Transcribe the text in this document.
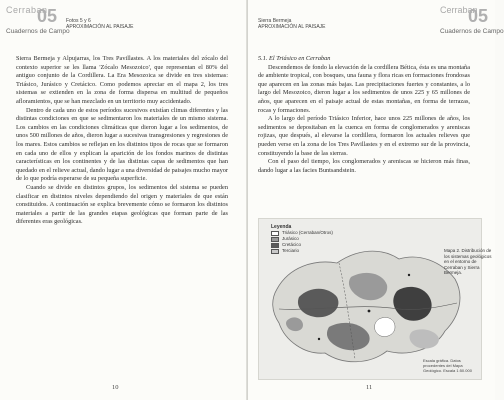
Cerraban
05
Cuadernos de Campo
Fotos 5 y 6
APROXIMACIÓN AL PAISAJE

Sierra Bermeja y Alpujarras, los Tres Pavillastes. A los materiales del zócalo del contexto superior se les llama 'Zócalo Mesozoico', que representan el 80% del antiguo conjunto de la Cordillera. La Era Mesozoica se divide en tres sistemas: Triásico, Jurásico y Cretácico. Como podemos apreciar en el mapa 2, los tres sistemas se extienden en la zona de forma dispersa en multitud de pequeños afloramientos, que se han mezclado en un territorio muy accidentado.

Dentro de cada uno de estos períodos sucesivos existían climas diferentes y las distintas condiciones en que se sedimentaron los materiales de un mismo sistema. Los cambios en las condiciones climáticas que dieron lugar a los sedimentos, de unos 500 millones de años, dieron lugar a sucesivas transgresiones y regresiones de los mares. Estos cambios se reflejan en los distintos tipos de rocas que se formaron en cada uno de ellos y explican la aparición de los fondos marinos de distintas características en los continentes y de las distintas capas de sedimentos que han quedado en el relieve actual, dando lugar a una diversidad de paisajes mucho mayor de lo que podría esperarse de su pequeña superficie.

Cuando se divide en distintos grupos, los sedimentos del sistema se pueden clasificar en distintos niveles dependiendo del origen y materiales de que están constituidos. A continuación se explica brevemente cómo se formaron los distintos materiales a partir de las grandes etapas geológicas que forman parte de las diferentes eras geológicas.

10
Sierra Bermeja
APROXIMACIÓN AL PAISAJE
Cerraban
05
Cuadernos de Campo

5.1. El Triásico en Cerraban

Descendemos de fondo la elevación de la cordillera Bética, ésta es una montaña de ambiente tropical, con bosques, una fauna y flora ricas en formaciones frondosas que aparecen en las zonas más bajas. Las precipitaciones fuertes y constantes, a lo largo del Mesozoico, dieron lugar a los sedimentos de unos 225 y 65 millones de años, que aparecen en el paisaje actual de estas montañas, en forma de terrazas, rocas y formaciones.

A lo largo del período Triásico Inferior, hace unos 225 millones de años, los sedimentos se depositaban en la cuenca en forma de conglomerados y areniscas rojizas, que después, al elevarse la cordillera, formaron los actuales relieves que pueden verse en la zona de los Tres Pavillastes y en el extremo sur de la provincia, constituyendo la base de las sierras.

Con el paso del tiempo, los conglomerados y areniscas se hicieron más finas, dando lugar a las facies Buntsandstein.

Leyenda
Triásico (Cerraban/Otros)
Jurásico
Cretácico
Terciario
Escala gráfica. Datos procedentes del Mapa Geológico. Escala 1:50.000
Mapa 2. Distribución de los sistemas geológicos en el entorno de Cerraban y Sierra Bermeja.
11
